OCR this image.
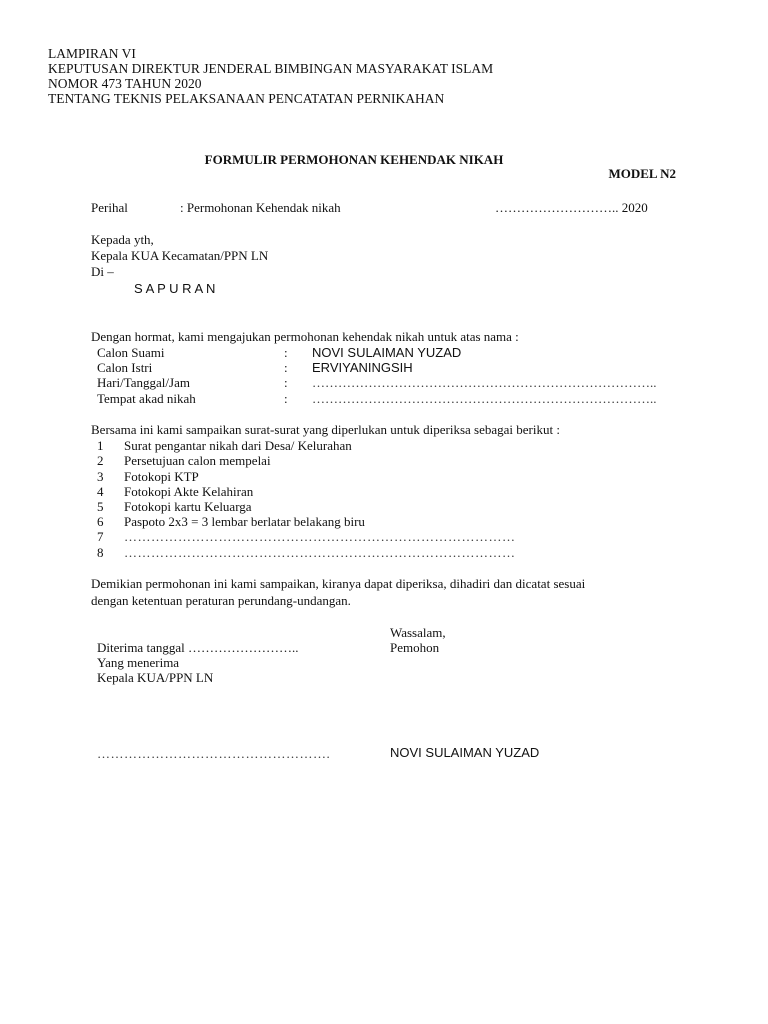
LAMPIRAN VI
KEPUTUSAN DIREKTUR JENDERAL BIMBINGAN MASYARAKAT ISLAM
NOMOR 473 TAHUN 2020
TENTANG TEKNIS PELAKSANAAN PENCATATAN PERNIKAHAN
FORMULIR PERMOHONAN KEHENDAK NIKAH
MODEL N2
Perihal	: Permohonan Kehendak nikah	……………………….. 2020
Kepada yth,
Kepala KUA Kecamatan/PPN LN
Di –
S A P U R A N
Dengan hormat, kami mengajukan permohonan kehendak nikah untuk atas nama :
Calon Suami	: NOVI SULAIMAN YUZAD
Calon Istri	: ERVIYANINGSIH
Hari/Tanggal/Jam	: ……………………………………………………………………..
Tempat akad nikah	: ……………………………………………………………………..
Bersama ini kami sampaikan surat-surat yang diperlukan untuk diperiksa sebagai berikut :
1 Surat pengantar nikah dari Desa/ Kelurahan
2 Persetujuan calon mempelai
3 Fotokopi KTP
4 Fotokopi Akte Kelahiran
5 Fotokopi kartu Keluarga
6 Paspoto 2x3 = 3 lembar berlatar belakang biru
7 ……………………………………………………………………………
8 ……………………………………………………………………………
Demikian permohonan ini kami sampaikan, kiranya dapat diperiksa, dihadiri dan dicatat sesuai
dengan ketentuan peraturan perundang-undangan.
Wassalam,
Pemohon
Diterima tanggal ……………………..
Yang menerima
Kepala KUA/PPN LN
…………………………………………….	NOVI SULAIMAN YUZAD
